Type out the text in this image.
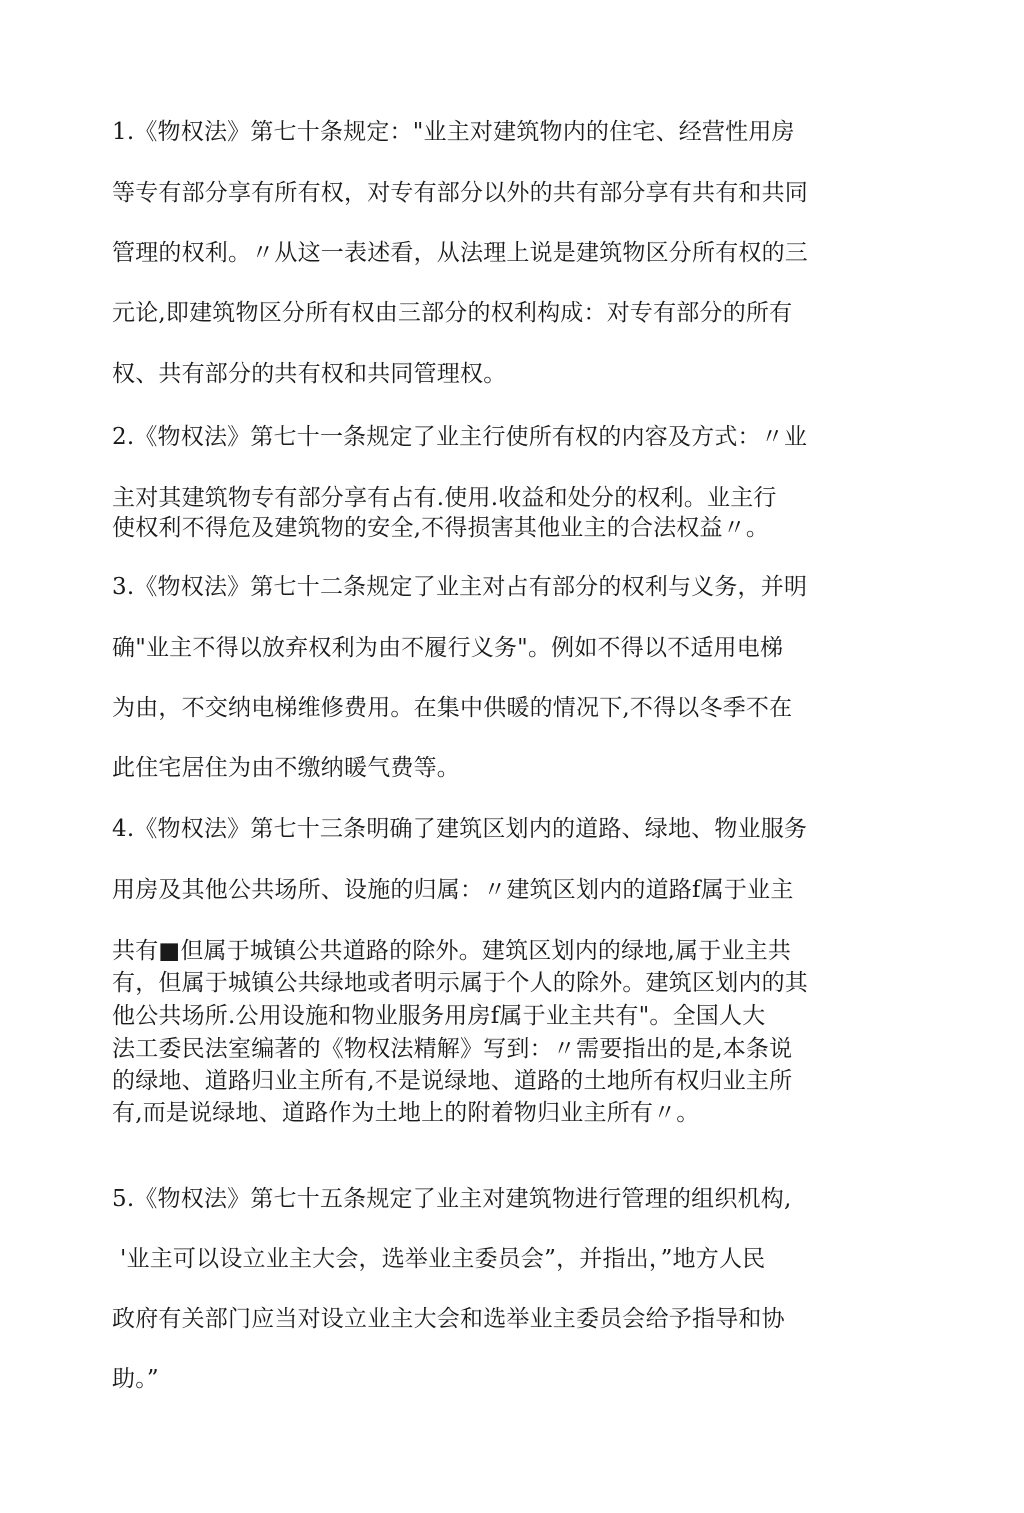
1.《物权法》第七十条规定："业主对建筑物内的住宅、经营性用房
等专有部分享有所有权，对专有部分以外的共有部分享有共有和共同
管理的权利。〃从这一表述看，从法理上说是建筑物区分所有权的三
元论,即建筑物区分所有权由三部分的权利构成：对专有部分的所有
权、共有部分的共有权和共同管理权。
2.《物权法》第七十一条规定了业主行使所有权的内容及方式：〃业
主对其建筑物专有部分享有占有.使用.收益和处分的权利。业主行
使权利不得危及建筑物的安全,不得损害其他业主的合法权益〃。
3.《物权法》第七十二条规定了业主对占有部分的权利与义务，并明
确"业主不得以放弃权利为由不履行义务"。例如不得以不适用电梯
为由，不交纳电梯维修费用。在集中供暖的情况下,不得以冬季不在
此住宅居住为由不缴纳暖气费等。
4.《物权法》第七十三条明确了建筑区划内的道路、绿地、物业服务
用房及其他公共场所、设施的归属：〃建筑区划内的道路f属于业主
共有■但属于城镇公共道路的除外。建筑区划内的绿地,属于业主共
有，但属于城镇公共绿地或者明示属于个人的除外。建筑区划内的其
他公共场所.公用设施和物业服务用房f属于业主共有"。全国人大
法工委民法室编著的《物权法精解》写到：〃需要指出的是,本条说
的绿地、道路归业主所有,不是说绿地、道路的土地所有权归业主所
有,而是说绿地、道路作为土地上的附着物归业主所有〃。
5.《物权法》第七十五条规定了业主对建筑物进行管理的组织机构,
'业主可以设立业主大会，选举业主委员会”，并指出，”地方人民
政府有关部门应当对设立业主大会和选举业主委员会给予指导和协
助。”
